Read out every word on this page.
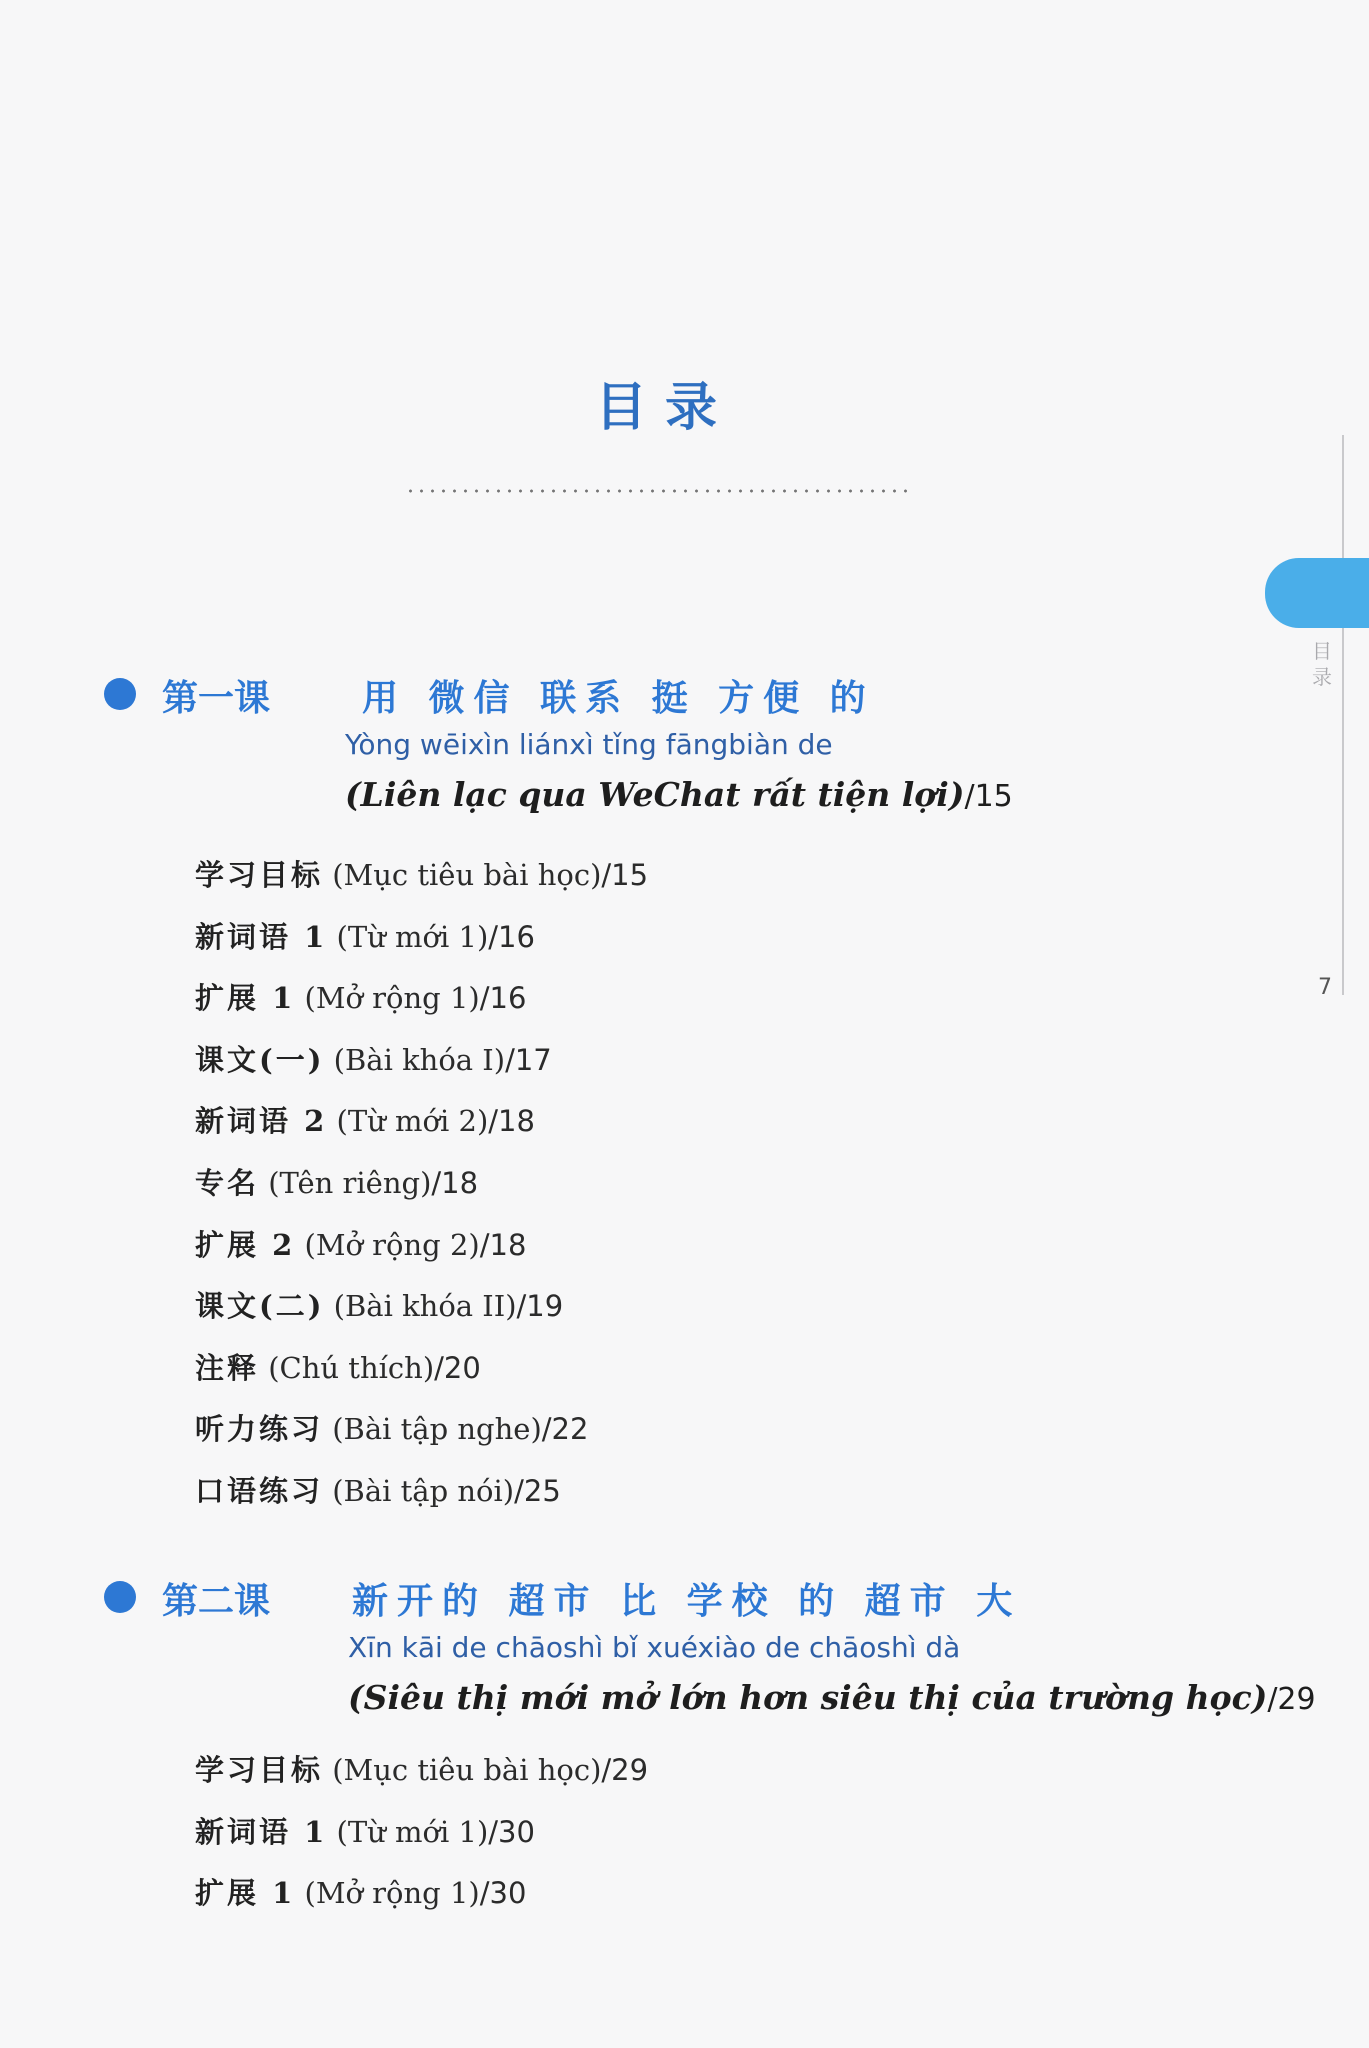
目录
目录
7
第一课	用 微信 联系 挺 方便 的
Yòng wēixìn liánxì tǐng fāngbiàn de
(Liên lạc qua WeChat rất tiện lợi)/15
学习目标 (Mục tiêu bài học)/15
新词语 1 (Từ mới 1)/16
扩展 1 (Mở rộng 1)/16
课文(一) (Bài khóa I)/17
新词语 2 (Từ mới 2)/18
专名 (Tên riêng)/18
扩展 2 (Mở rộng 2)/18
课文(二) (Bài khóa II)/19
注释 (Chú thích)/20
听力练习 (Bài tập nghe)/22
口语练习 (Bài tập nói)/25
第二课 新开的 超市 比 学校 的 超市 大
Xīn kāi de chāoshì bǐ xuéxiào de chāoshì dà
(Siêu thị mới mở lớn hơn siêu thị của trường học)/29
学习目标 (Mục tiêu bài học)/29
新词语 1 (Từ mới 1)/30
扩展 1 (Mở rộng 1)/30
